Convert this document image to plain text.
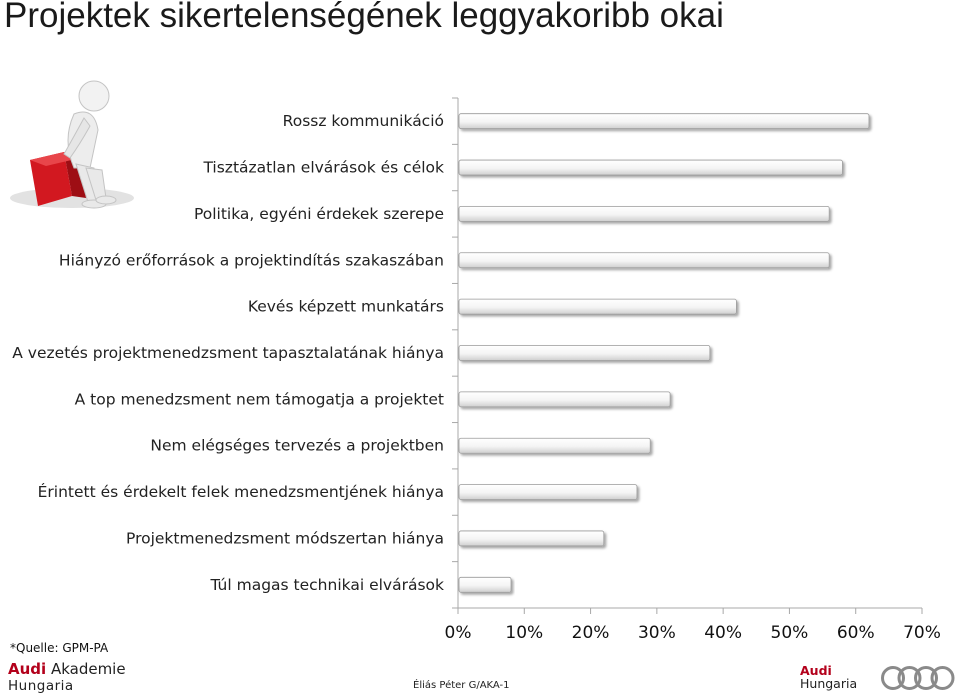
Projektek sikertelenségének leggyakoribb okai
Rossz kommunikáció
Tisztázatlan elvárások és célok
Politika, egyéni érdekek szerepe
Hiányzó erőforrások a projektindítás szakaszában
Kevés képzett munkatárs
A vezetés projektmenedzsment tapasztalatának hiánya
A top menedzsment nem támogatja a projektet
Nem elégséges tervezés a projektben
Érintett és érdekelt felek menedzsmentjének hiánya
Projektmenedzsment módszertan hiánya
Túl magas technikai elvárások
0% 10% 20% 30% 40% 50% 60% 70%
*Quelle: GPM-PA
Audi Akademie
Hungaria	Éliás Péter G/AKA-1
Audi
Hungaria
